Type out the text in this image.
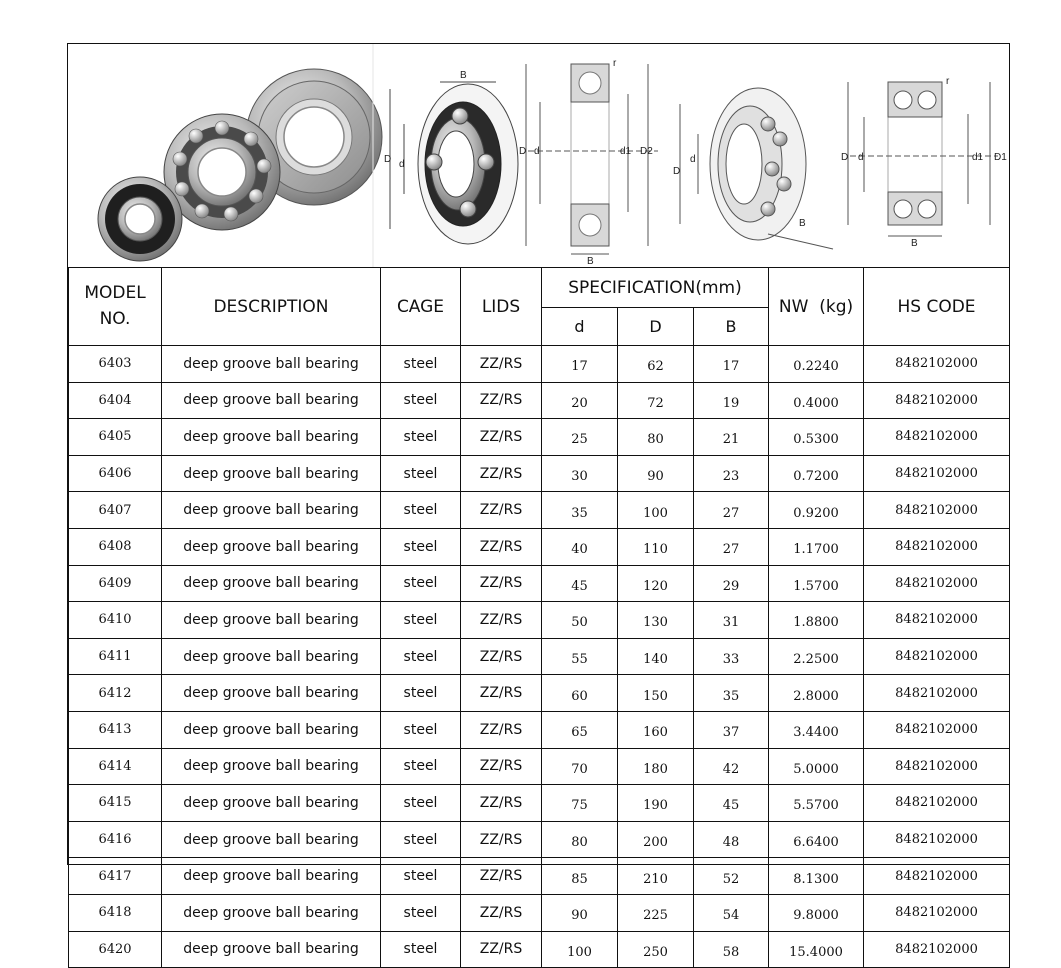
D d
B
D d	d1 D2
r
B
D
d
B
D d	d1 D1
r
B
MODEL NO.	DESCRIPTION	CAGE	LIDS	SPECIFICATION(mm)			NW  (kg)	HS CODE
				d	D	B		
6403	deep groove ball bearing	steel	ZZ/RS	17	62	17	0.2240	8482102000
6404	deep groove ball bearing	steel	ZZ/RS	20	72	19	0.4000	8482102000
6405	deep groove ball bearing	steel	ZZ/RS	25	80	21	0.5300	8482102000
6406	deep groove ball bearing	steel	ZZ/RS	30	90	23	0.7200	8482102000
6407	deep groove ball bearing	steel	ZZ/RS	35	100	27	0.9200	8482102000
6408	deep groove ball bearing	steel	ZZ/RS	40	110	27	1.1700	8482102000
6409	deep groove ball bearing	steel	ZZ/RS	45	120	29	1.5700	8482102000
6410	deep groove ball bearing	steel	ZZ/RS	50	130	31	1.8800	8482102000
6411	deep groove ball bearing	steel	ZZ/RS	55	140	33	2.2500	8482102000
6412	deep groove ball bearing	steel	ZZ/RS	60	150	35	2.8000	8482102000
6413	deep groove ball bearing	steel	ZZ/RS	65	160	37	3.4400	8482102000
6414	deep groove ball bearing	steel	ZZ/RS	70	180	42	5.0000	8482102000
6415	deep groove ball bearing	steel	ZZ/RS	75	190	45	5.5700	8482102000
6416	deep groove ball bearing	steel	ZZ/RS	80	200	48	6.6400	8482102000
6417	deep groove ball bearing	steel	ZZ/RS	85	210	52	8.1300	8482102000
6418	deep groove ball bearing	steel	ZZ/RS	90	225	54	9.8000	8482102000
6420	deep groove ball bearing	steel	ZZ/RS	100	250	58	15.4000	8482102000
